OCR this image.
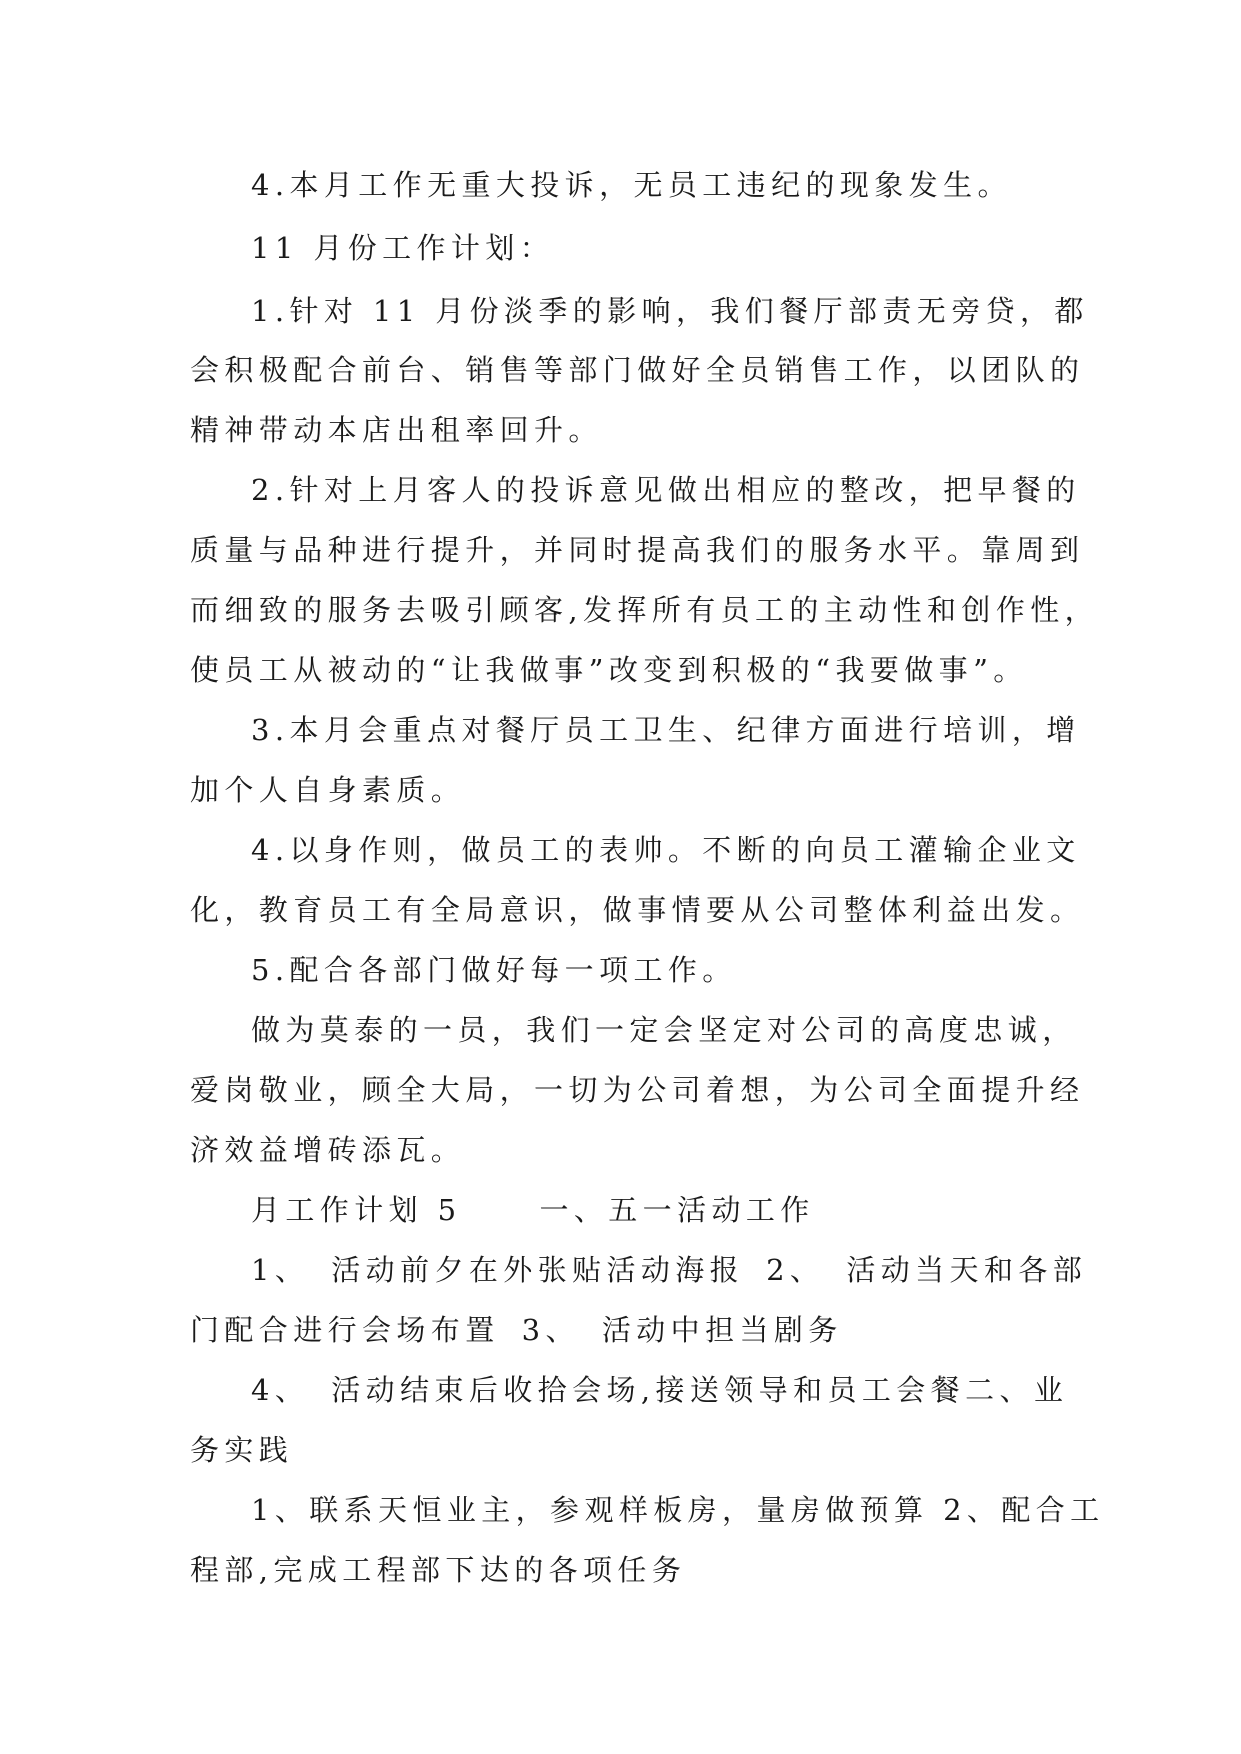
4.本月工作无重大投诉，无员工违纪的现象发生。
11 月份工作计划：
1.针对 11 月份淡季的影响，我们餐厅部责无旁贷，都
会积极配合前台、销售等部门做好全员销售工作，以团队的
精神带动本店出租率回升。
2.针对上月客人的投诉意见做出相应的整改，把早餐的
质量与品种进行提升，并同时提高我们的服务水平。靠周到
而细致的服务去吸引顾客,发挥所有员工的主动性和创作性，
使员工从被动的“让我做事”改变到积极的“我要做事”。
3.本月会重点对餐厅员工卫生、纪律方面进行培训，增
加个人自身素质。
4.以身作则，做员工的表帅。不断的向员工灌输企业文
化，教育员工有全局意识，做事情要从公司整体利益出发。
5.配合各部门做好每一项工作。
做为莫泰的一员，我们一定会坚定对公司的高度忠诚，
爱岗敬业，顾全大局，一切为公司着想，为公司全面提升经
济效益增砖添瓦。
月工作计划 5	一、五一活动工作
1、 活动前夕在外张贴活动海报 2、 活动当天和各部
门配合进行会场布置 3、 活动中担当剧务
4、 活动结束后收拾会场,接送领导和员工会餐二、业
务实践
1、联系天恒业主，参观样板房，量房做预算 2、配合工
程部,完成工程部下达的各项任务
